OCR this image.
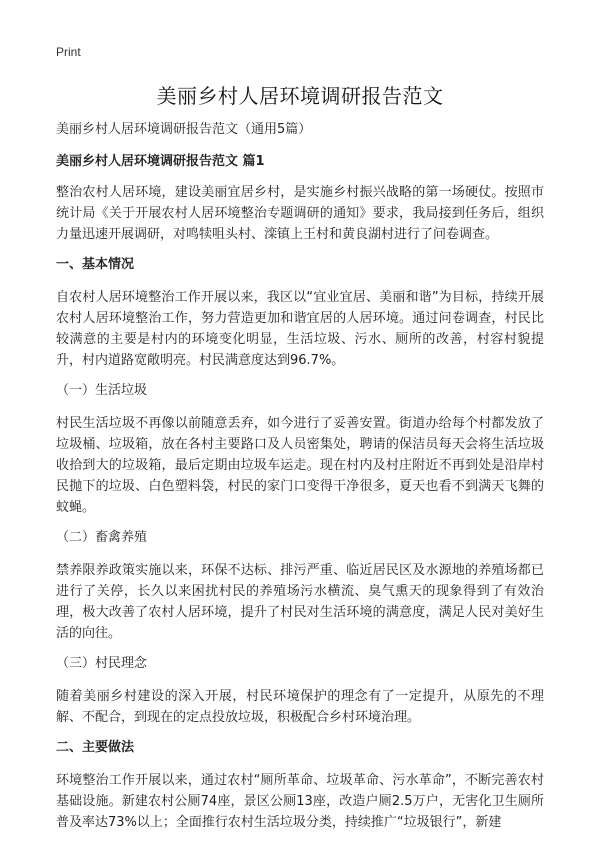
Print
美丽乡村人居环境调研报告范文
美丽乡村人居环境调研报告范文（通用5篇）
美丽乡村人居环境调研报告范文 篇1
整治农村人居环境，建设美丽宜居乡村，是实施乡村振兴战略的第一场硬仗。按照市统计局《关于开展农村人居环境整治专题调研的通知》要求，我局接到任务后，组织力量迅速开展调研，对鸣犊咀头村、滦镇上王村和黄良湖村进行了问卷调查。
一、基本情况
自农村人居环境整治工作开展以来，我区以“宜业宜居、美丽和谐”为目标，持续开展农村人居环境整治工作，努力营造更加和谐宜居的人居环境。通过问卷调查，村民比较满意的主要是村内的环境变化明显，生活垃圾、污水、厕所的改善，村容村貌提升，村内道路宽敞明亮。村民满意度达到96.7%。
（一）生活垃圾
村民生活垃圾不再像以前随意丢弃，如今进行了妥善安置。街道办给每个村都发放了垃圾桶、垃圾箱，放在各村主要路口及人员密集处，聘请的保洁员每天会将生活垃圾收拾到大的垃圾箱，最后定期由垃圾车运走。现在村内及村庄附近不再到处是沿岸村民抛下的垃圾、白色塑料袋，村民的家门口变得干净很多，夏天也看不到满天飞舞的蚊蝇。
（二）畜禽养殖
禁养限养政策实施以来，环保不达标、排污严重、临近居民区及水源地的养殖场都已进行了关停，长久以来困扰村民的养殖场污水横流、臭气熏天的现象得到了有效治理，极大改善了农村人居环境，提升了村民对生活环境的满意度，满足人民对美好生活的向往。
（三）村民理念
随着美丽乡村建设的深入开展，村民环境保护的理念有了一定提升，从原先的不理解、不配合，到现在的定点投放垃圾，积极配合乡村环境治理。
二、主要做法
环境整治工作开展以来，通过农村“厕所革命、垃圾革命、污水革命”，不断完善农村基础设施。新建农村公厕74座，景区公厕13座，改造户厕2.5万户，无害化卫生厕所普及率达73%以上；全面推行农村生活垃圾分类，持续推广“垃圾银行”，新建
